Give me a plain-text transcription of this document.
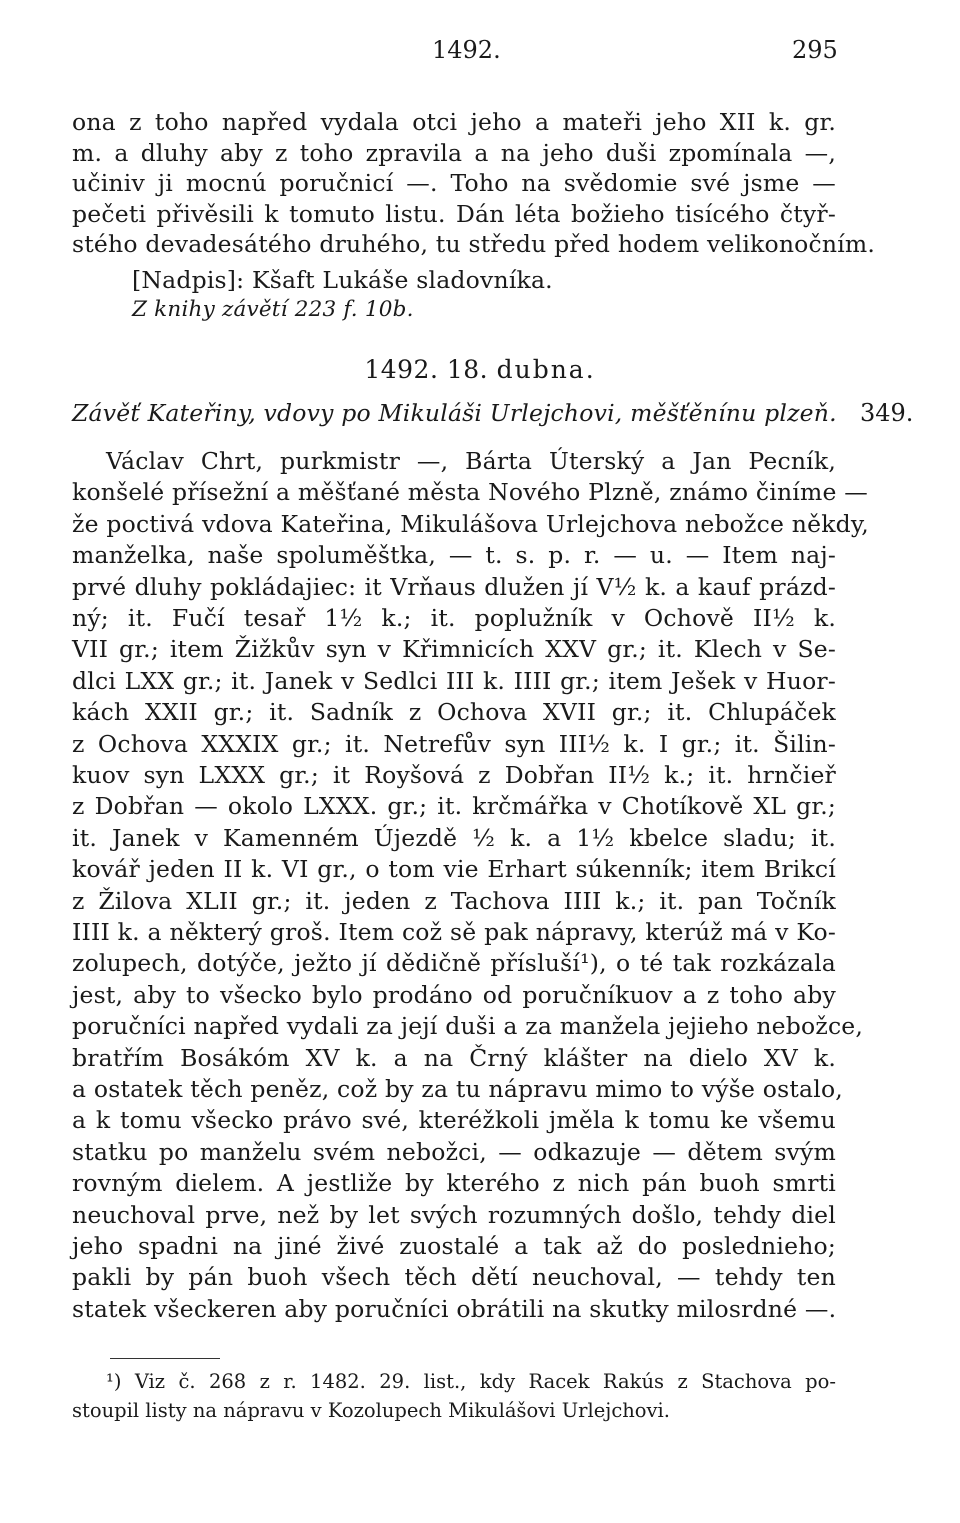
1492.	295
ona z toho napřed vydala otci jeho a mateři jeho XII k. gr.
m. a dluhy aby z toho zpravila a na jeho duši zpomínala —,
učiniv ji mocnú poručnicí —. Toho na svědomie své jsme —
pečeti přivěsili k tomuto listu. Dán léta božieho tisícého čtyř-
stého devadesátého druhého, tu středu před hodem velikonočním.
[Nadpis]: Kšaft Lukáše sladovníka.
Z knihy závětí 223 f. 10b.
1492. 18. dubna.
Závěť Kateřiny, vdovy po Mikuláši Urlejchovi, měšťěnínu plzeň. 349.
Václav Chrt, purkmistr —, Bárta Úterský a Jan Pecník,
konšelé přísežní a měšťané města Nového Plzně, známo činíme —
že poctivá vdova Kateřina, Mikulášova Urlejchova nebožce někdy,
manželka, naše spoluměštka, — t. s. p. r. — u. — Item naj-
prvé dluhy pokládajiec: it Vrňaus dlužen jí V½ k. a kauf prázd-
ný; it. Fučí tesař 1½ k.; it. poplužník v Ochově II½ k.
VII gr.; item Žižkův syn v Křimnicích XXV gr.; it. Klech v Se-
dlci LXX gr.; it. Janek v Sedlci III k. IIII gr.; item Ješek v Huor-
kách XXII gr.; it. Sadník z Ochova XVII gr.; it. Chlupáček
z Ochova XXXIX gr.; it. Netrefův syn III½ k. I gr.; it. Šilin-
kuov syn LXXX gr.; it Royšová z Dobřan II½ k.; it. hrnčieř
z Dobřan — okolo LXXX. gr.; it. krčmářka v Chotíkově XL gr.;
it. Janek v Kamenném Újezdě ½ k. a 1½ kbelce sladu; it.
kovář jeden II k. VI gr., o tom vie Erhart súkenník; item Brikcí
z Žilova XLII gr.; it. jeden z Tachova IIII k.; it. pan Točník
IIII k. a některý groš. Item což sě pak nápravy, kterúž má v Ko-
zolupech, dotýče, ježto jí dědičně přísluší¹), o té tak rozkázala
jest, aby to všecko bylo prodáno od poručníkuov a z toho aby
poručníci napřed vydali za její duši a za manžela jejieho nebožce,
bratřím Bosákóm XV k. a na Črný klášter na dielo XV k.
a ostatek těch peněz, což by za tu nápravu mimo to výše ostalo,
a k tomu všecko právo své, kteréžkoli jměla k tomu ke všemu
statku po manželu svém nebožci, — odkazuje — dětem svým
rovným dielem. A jestliže by kterého z nich pán buoh smrti
neuchoval prve, než by let svých rozumných došlo, tehdy diel
jeho spadni na jiné živé zuostalé a tak až do posledniehо;
pakli by pán buoh všech těch dětí neuchoval, — tehdy ten
statek všeckeren aby poručníci obrátili na skutky milosrdné —.
¹) Viz č. 268 z r. 1482. 29. list., kdy Racek Rakús z Stachova po-
stoupil listy na nápravu v Kozolupech Mikulášovi Urlejchovi.
